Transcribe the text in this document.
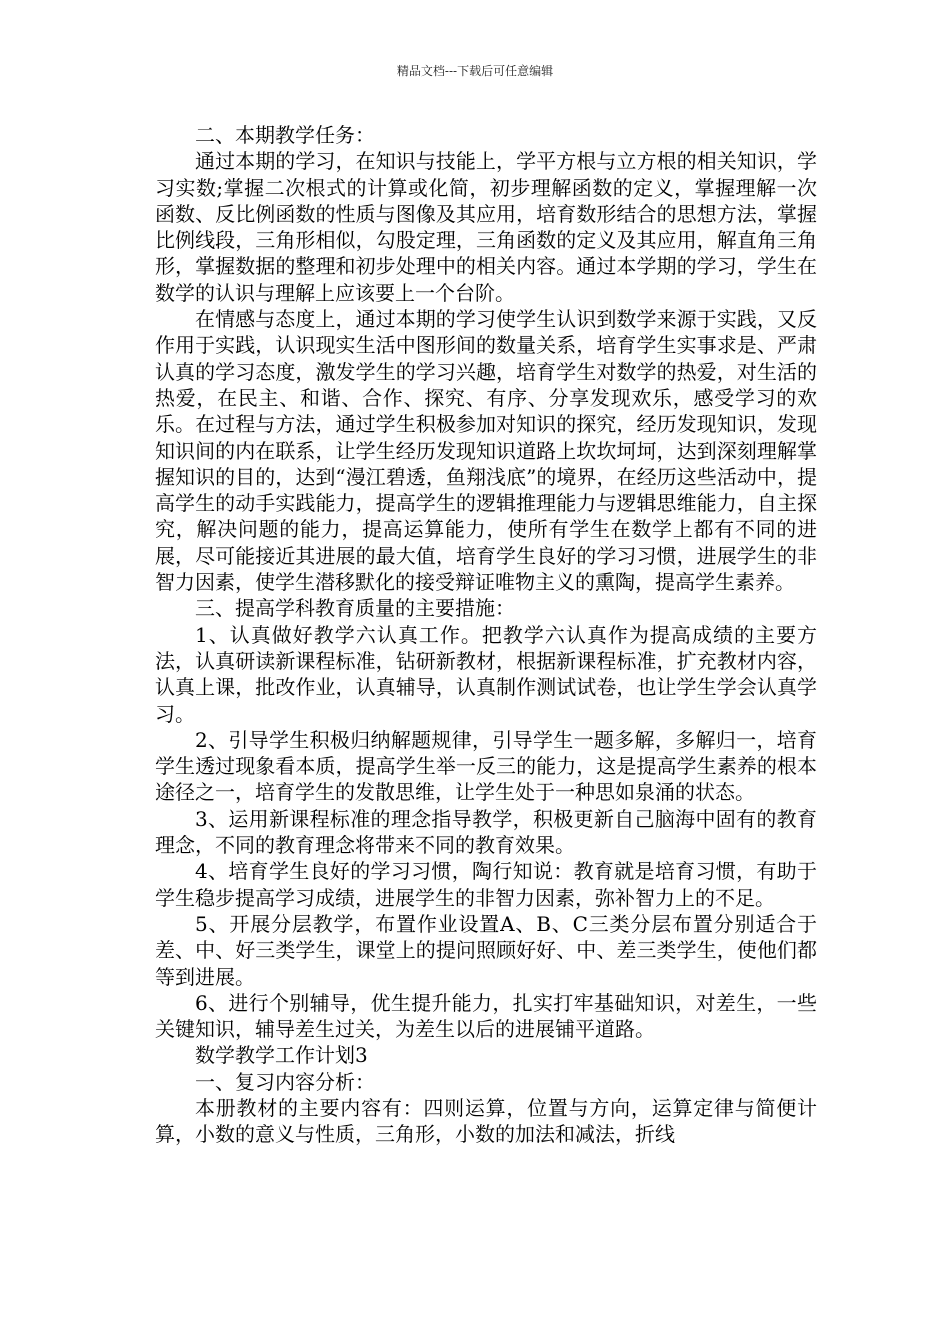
精品文档---下载后可任意编辑

二、本期教学任务：

通过本期的学习，在知识与技能上，学平方根与立方根的相关知识，学习实数;掌握二次根式的计算或化简，初步理解函数的定义，掌握理解一次函数、反比例函数的性质与图像及其应用，培育数形结合的思想方法，掌握比例线段，三角形相似，勾股定理，三角函数的定义及其应用，解直角三角形，掌握数据的整理和初步处理中的相关内容。通过本学期的学习，学生在数学的认识与理解上应该要上一个台阶。

在情感与态度上，通过本期的学习使学生认识到数学来源于实践，又反作用于实践，认识现实生活中图形间的数量关系，培育学生实事求是、严肃认真的学习态度，激发学生的学习兴趣，培育学生对数学的热爱，对生活的热爱，在民主、和谐、合作、探究、有序、分享发现欢乐，感受学习的欢乐。在过程与方法，通过学生积极参加对知识的探究，经历发现知识，发现知识间的内在联系，让学生经历发现知识道路上坎坎坷坷，达到深刻理解掌握知识的目的，达到“漫江碧透，鱼翔浅底”的境界，在经历这些活动中，提高学生的动手实践能力，提高学生的逻辑推理能力与逻辑思维能力，自主探究，解决问题的能力，提高运算能力，使所有学生在数学上都有不同的进展，尽可能接近其进展的最大值，培育学生良好的学习习惯，进展学生的非智力因素，使学生潜移默化的接受辩证唯物主义的熏陶，提高学生素养。

三、提高学科教育质量的主要措施：

1、认真做好教学六认真工作。把教学六认真作为提高成绩的主要方法，认真研读新课程标准，钻研新教材，根据新课程标准，扩充教材内容，认真上课，批改作业，认真辅导，认真制作测试试卷，也让学生学会认真学习。

2、引导学生积极归纳解题规律，引导学生一题多解，多解归一，培育学生透过现象看本质，提高学生举一反三的能力，这是提高学生素养的根本途径之一，培育学生的发散思维，让学生处于一种思如泉涌的状态。

3、运用新课程标准的理念指导教学，积极更新自己脑海中固有的教育理念，不同的教育理念将带来不同的教育效果。

4、培育学生良好的学习习惯，陶行知说：教育就是培育习惯，有助于学生稳步提高学习成绩，进展学生的非智力因素，弥补智力上的不足。

5、开展分层教学，布置作业设置A、B、C三类分层布置分别适合于差、中、好三类学生，课堂上的提问照顾好好、中、差三类学生，使他们都等到进展。

6、进行个别辅导，优生提升能力，扎实打牢基础知识，对差生，一些关键知识，辅导差生过关，为差生以后的进展铺平道路。

数学教学工作计划3

一、复习内容分析：

本册教材的主要内容有：四则运算，位置与方向，运算定律与简便计算，小数的意义与性质，三角形，小数的加法和减法，折线
